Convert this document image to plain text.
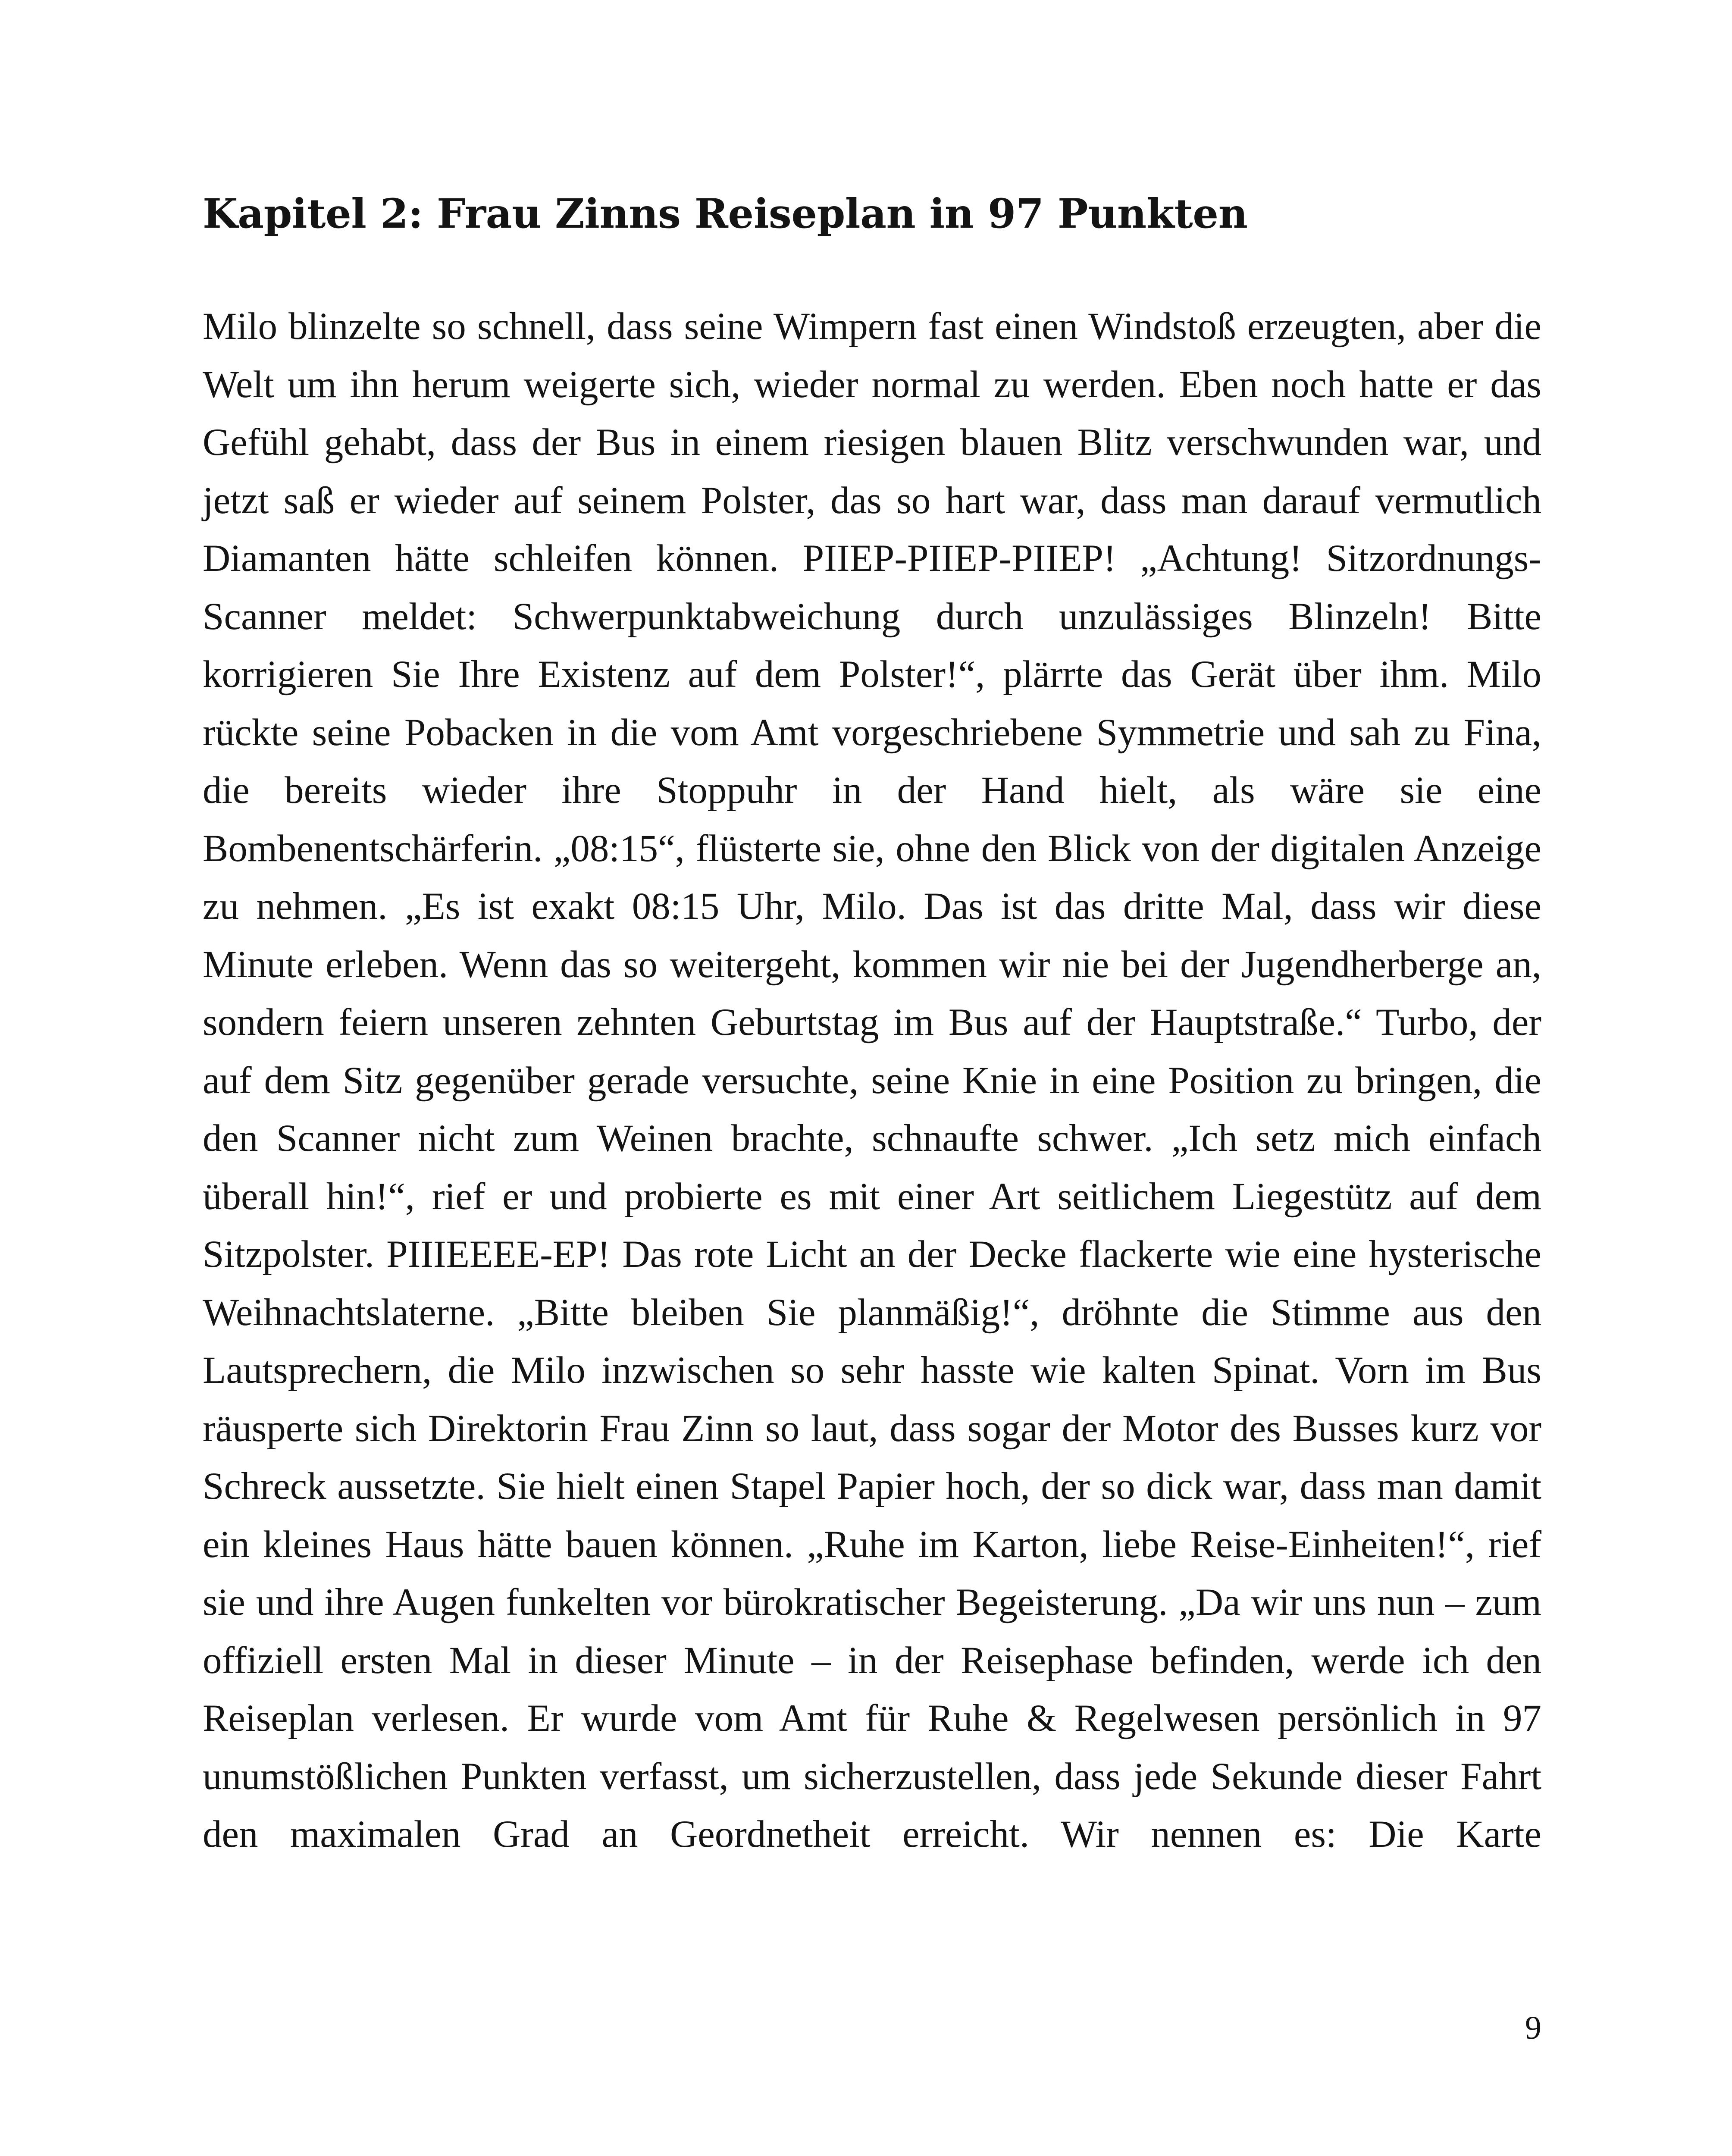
Kapitel 2: Frau Zinns Reiseplan in 97 Punkten

Milo blinzelte so schnell, dass seine Wimpern fast einen Windstoß erzeugten, aber die Welt um ihn herum weigerte sich, wieder normal zu werden. Eben noch hatte er das Gefühl gehabt, dass der Bus in einem riesigen blauen Blitz verschwunden war, und jetzt saß er wieder auf seinem Polster, das so hart war, dass man darauf vermutlich Diamanten hätte schleifen können. PIIEP-PIIEP-PIIEP! „Achtung! Sitzordnungs-Scanner meldet: Schwerpunktabweichung durch unzulässiges Blinzeln! Bitte korrigieren Sie Ihre Existenz auf dem Polster!“, plärrte das Gerät über ihm. Milo rückte seine Pobacken in die vom Amt vorgeschriebene Symmetrie und sah zu Fina, die bereits wieder ihre Stoppuhr in der Hand hielt, als wäre sie eine Bombenentschärferin. „08:15“, flüsterte sie, ohne den Blick von der digitalen Anzeige zu nehmen. „Es ist exakt 08:15 Uhr, Milo. Das ist das dritte Mal, dass wir diese Minute erleben. Wenn das so weitergeht, kommen wir nie bei der Jugendherberge an, sondern feiern unseren zehnten Geburtstag im Bus auf der Hauptstraße.“ Turbo, der auf dem Sitz gegenüber gerade versuchte, seine Knie in eine Position zu bringen, die den Scanner nicht zum Weinen brachte, schnaufte schwer. „Ich setz mich einfach überall hin!“, rief er und probierte es mit einer Art seitlichem Liegestütz auf dem Sitzpolster. PIIIEEEE-EP! Das rote Licht an der Decke flackerte wie eine hysterische Weihnachtslaterne. „Bitte bleiben Sie planmäßig!“, dröhnte die Stimme aus den Lautsprechern, die Milo inzwischen so sehr hasste wie kalten Spinat. Vorn im Bus räusperte sich Direktorin Frau Zinn so laut, dass sogar der Motor des Busses kurz vor Schreck aussetzte. Sie hielt einen Stapel Papier hoch, der so dick war, dass man damit ein kleines Haus hätte bauen können. „Ruhe im Karton, liebe Reise-Einheiten!“, rief sie und ihre Augen funkelten vor bürokratischer Begeisterung. „Da wir uns nun – zum offiziell ersten Mal in dieser Minute – in der Reisephase befinden, werde ich den Reiseplan verlesen. Er wurde vom Amt für Ruhe & Regelwesen persönlich in 97 unumstößlichen Punkten verfasst, um sicherzustellen, dass jede Sekunde dieser Fahrt den maximalen Grad an Geordnetheit erreicht. Wir nennen es: Die Karte

9
